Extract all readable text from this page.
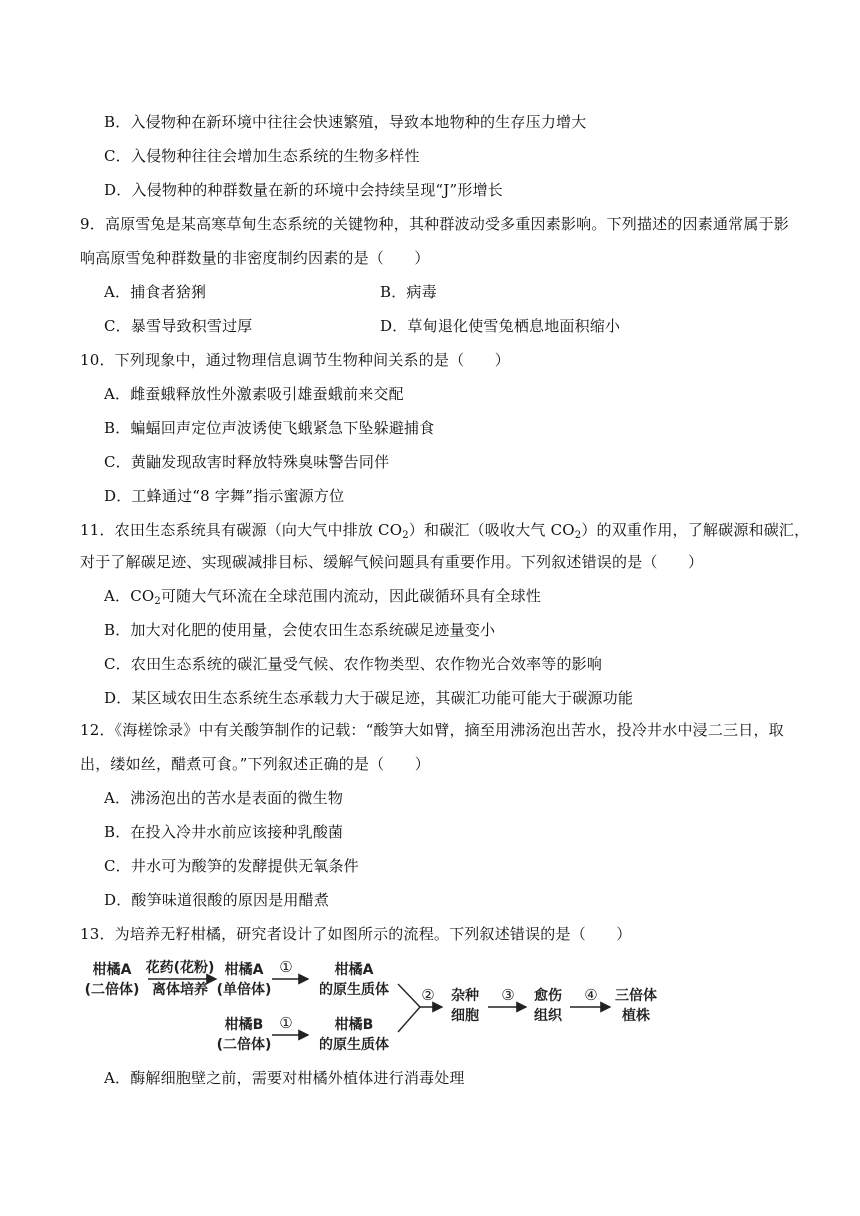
B．入侵物种在新环境中往往会快速繁殖，导致本地物种的生存压力增大
C．入侵物种往往会增加生态系统的生物多样性
D．入侵物种的种群数量在新的环境中会持续呈现“J”形增长
9．高原雪兔是某高寒草甸生态系统的关键物种，其种群波动受多重因素影响。下列描述的因素通常属于影
响高原雪兔种群数量的非密度制约因素的是（　　）
A．捕食者猞猁	B．病毒
C．暴雪导致积雪过厚	D．草甸退化使雪兔栖息地面积缩小
10．下列现象中，通过物理信息调节生物种间关系的是（　　）
A．雌蚕蛾释放性外激素吸引雄蚕蛾前来交配
B．蝙蝠回声定位声波诱使飞蛾紧急下坠躲避捕食
C．黄鼬发现敌害时释放特殊臭味警告同伴
D．工蜂通过“8 字舞”指示蜜源方位
11．农田生态系统具有碳源（向大气中排放 $CO_2$）和碳汇（吸收大气 $CO_2$）的双重作用，了解碳源和碳汇，
对于了解碳足迹、实现碳减排目标、缓解气候问题具有重要作用。下列叙述错误的是（　　）
A．$CO_2$可随大气环流在全球范围内流动，因此碳循环具有全球性
B．加大对化肥的使用量，会使农田生态系统碳足迹量变小
C．农田生态系统的碳汇量受气候、农作物类型、农作物光合效率等的影响
D．某区域农田生态系统生态承载力大于碳足迹，其碳汇功能可能大于碳源功能
12．《海槎馀录》中有关酸笋制作的记载：“酸笋大如臂，摘至用沸汤泡出苦水，投冷井水中浸二三日，取
出，缕如丝，醋煮可食。”下列叙述正确的是（　　）
A．沸汤泡出的苦水是表面的微生物
B．在投入冷井水前应该接种乳酸菌
C．井水可为酸笋的发酵提供无氧条件
D．酸笋味道很酸的原因是用醋煮
13．为培养无籽柑橘，研究者设计了如图所示的流程。下列叙述错误的是（　　）
柑橘A
(二倍体)
花药(花粉)
离体培养
柑橘A
(单倍体)
①	柑橘A
的原生质体
柑橘B
(二倍体)
①	柑橘B
的原生质体
② 杂种
细胞
③ 愈伤
组织
④ 三倍体
植株
A．酶解细胞壁之前，需要对柑橘外植体进行消毒处理
